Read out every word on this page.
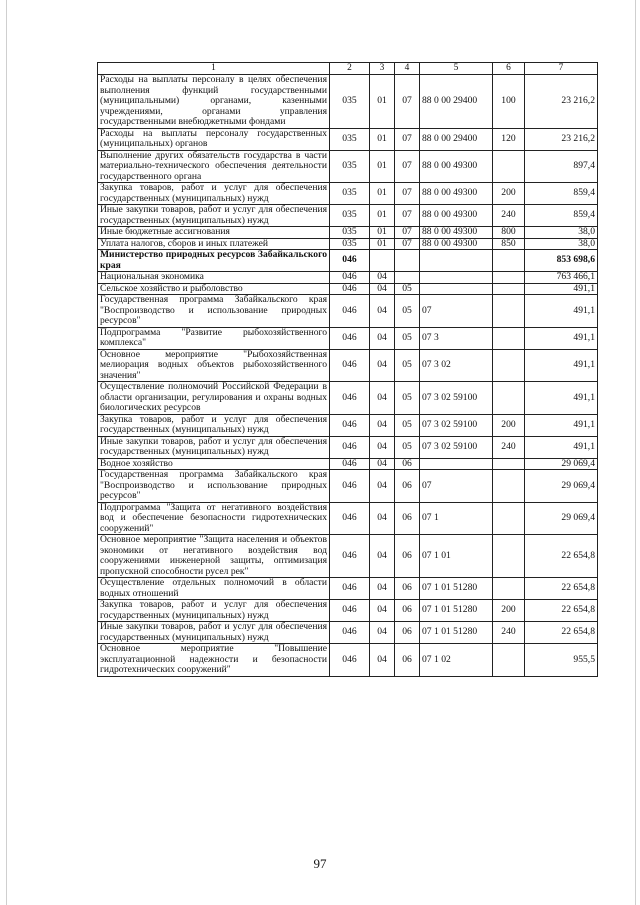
1	2	3	4	5	6	7
Расходы на выплаты персоналу в целях обеспечения выполнения функций государственными (муниципальными) органами, казенными учреждениями, органами управления государственными внебюджетными фондами	035	01	07	88 0 00 29400	100	23 216,2
Расходы на выплаты персоналу государственных (муниципальных) органов	035	01	07	88 0 00 29400	120	23 216,2
Выполнение других обязательств государства в части материально-технического обеспечения деятельности государственного органа	035	01	07	88 0 00 49300		897,4
Закупка товаров, работ и услуг для обеспечения государственных (муниципальных) нужд	035	01	07	88 0 00 49300	200	859,4
Иные закупки товаров, работ и услуг для обеспечения государственных (муниципальных) нужд	035	01	07	88 0 00 49300	240	859,4
Иные бюджетные ассигнования	035	01	07	88 0 00 49300	800	38,0
Уплата налогов, сборов и иных платежей	035	01	07	88 0 00 49300	850	38,0
Министерство природных ресурсов Забайкальского края	046					853 698,6
Национальная экономика	046	04				763 466,1
Сельское хозяйство и рыболовство	046	04	05			491,1
Государственная программа Забайкальского края "Воспроизводство и использование природных ресурсов"	046	04	05	07		491,1
Подпрограмма "Развитие рыбохозяйственного комплекса"	046	04	05	07 3		491,1
Основное мероприятие "Рыбохозяйственная мелиорация водных объектов рыбохозяйственного значения"	046	04	05	07 3 02		491,1
Осуществление полномочий Российской Федерации в области организации, регулирования и охраны водных биологических ресурсов	046	04	05	07 3 02 59100		491,1
Закупка товаров, работ и услуг для обеспечения государственных (муниципальных) нужд	046	04	05	07 3 02 59100	200	491,1
Иные закупки товаров, работ и услуг для обеспечения государственных (муниципальных) нужд	046	04	05	07 3 02 59100	240	491,1
Водное хозяйство	046	04	06			29 069,4
Государственная программа Забайкальского края "Воспроизводство и использование природных ресурсов"	046	04	06	07		29 069,4
Подпрограмма "Защита от негативного воздействия вод и обеспечение безопасности гидротехнических сооружений"	046	04	06	07 1		29 069,4
Основное мероприятие "Защита населения и объектов экономики от негативного воздействия вод сооружениями инженерной защиты, оптимизация пропускной способности русел рек"	046	04	06	07 1 01		22 654,8
Осуществление отдельных полномочий в области водных отношений	046	04	06	07 1 01 51280		22 654,8
Закупка товаров, работ и услуг для обеспечения государственных (муниципальных) нужд	046	04	06	07 1 01 51280	200	22 654,8
Иные закупки товаров, работ и услуг для обеспечения государственных (муниципальных) нужд	046	04	06	07 1 01 51280	240	22 654,8
Основное мероприятие "Повышение эксплуатационной надежности и безопасности гидротехнических сооружений"	046	04	06	07 1 02		955,5
97
